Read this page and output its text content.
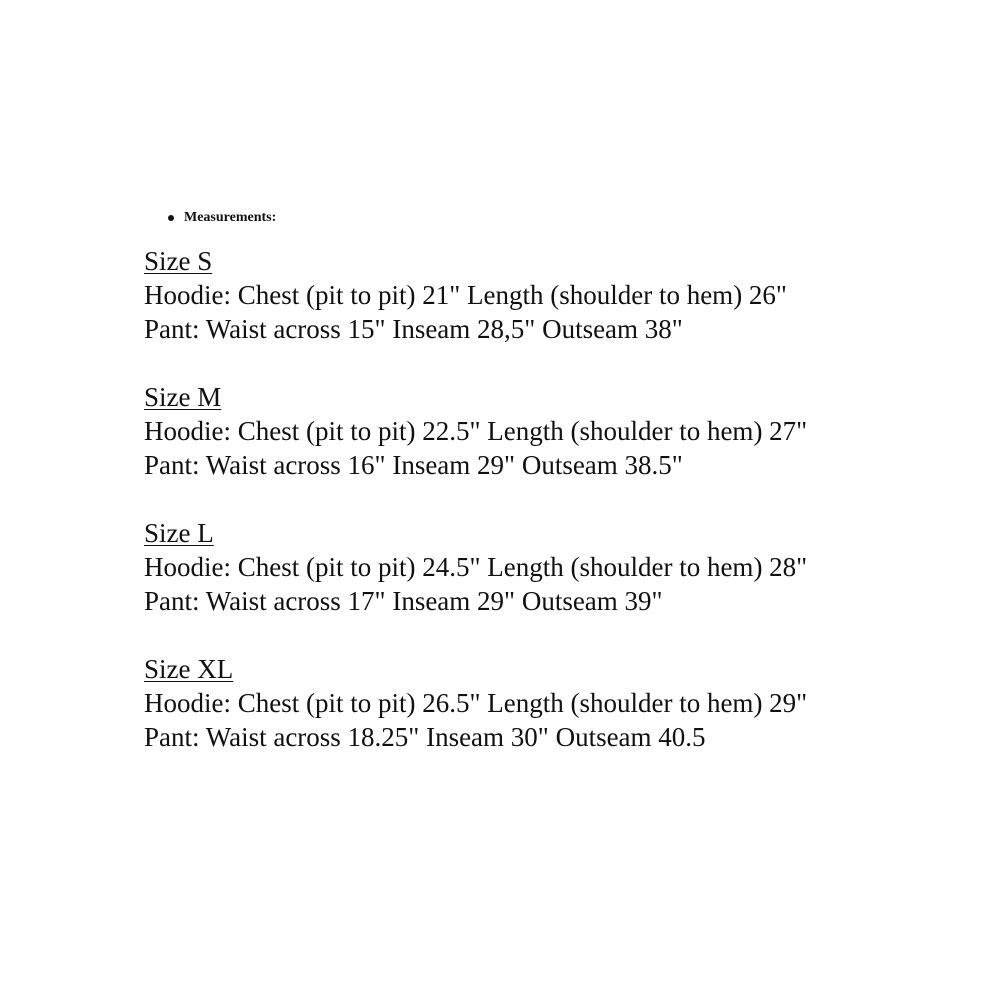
Measurements:
Size S
Hoodie: Chest (pit to pit) 21" Length (shoulder to hem) 26"
Pant: Waist across 15" Inseam 28,5" Outseam 38"
Size M
Hoodie: Chest (pit to pit) 22.5" Length (shoulder to hem) 27"
Pant: Waist across 16" Inseam 29" Outseam 38.5"
Size L
Hoodie: Chest (pit to pit) 24.5" Length (shoulder to hem) 28"
Pant: Waist across 17" Inseam 29" Outseam 39"
Size XL
Hoodie: Chest (pit to pit) 26.5" Length (shoulder to hem) 29"
Pant: Waist across 18.25" Inseam 30" Outseam 40.5
